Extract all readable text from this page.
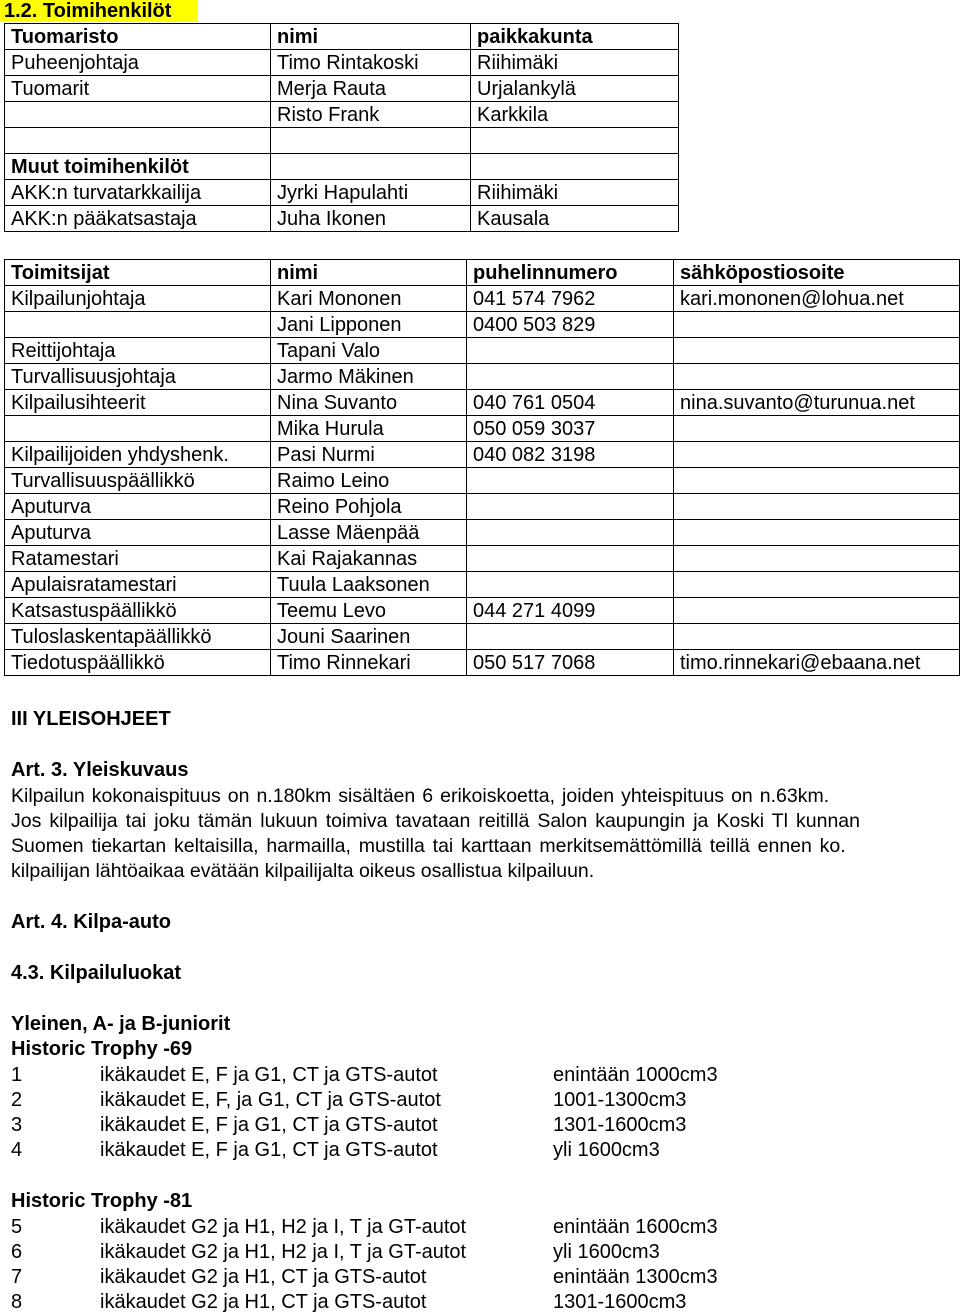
1.2. Toimihenkilöt
Tuomaristo	nimi	paikkakunta
Puheenjohtaja	Timo Rintakoski	Riihimäki
Tuomarit	Merja Rauta	Urjalankylä
	Risto Frank	Karkkila

Muut toimihenkilöt		
AKK:n turvatarkkailija	Jyrki Hapulahti	Riihimäki
AKK:n pääkatsastaja	Juha Ikonen	Kausala
Toimitsijat	nimi	puhelinnumero	sähköpostiosoite
Kilpailunjohtaja	Kari Mononen	041 574 7962	kari.mononen@lohua.net
	Jani Lipponen	0400 503 829	
Reittijohtaja	Tapani Valo		
Turvallisuusjohtaja	Jarmo Mäkinen		
Kilpailusihteerit	Nina Suvanto	040 761 0504	nina.suvanto@turunua.net
	Mika Hurula	050 059 3037	
Kilpailijoiden yhdyshenk.	Pasi Nurmi	040 082 3198	
Turvallisuuspäällikkö	Raimo Leino		
Aputurva	Reino Pohjola		
Aputurva	Lasse Mäenpää		
Ratamestari	Kai Rajakannas		
Apulaisratamestari	Tuula Laaksonen		
Katsastuspäällikkö	Teemu Levo	044 271 4099	
Tuloslaskentapäällikkö	Jouni Saarinen		
Tiedotuspäällikkö	Timo Rinnekari	050 517 7068	timo.rinnekari@ebaana.net
III YLEISOHJEET
Art. 3. Yleiskuvaus
Kilpailun kokonaispituus on n.180km sisältäen 6 erikoiskoetta, joiden yhteispituus on n.63km.
Jos kilpailija tai joku tämän lukuun toimiva tavataan reitillä Salon kaupungin ja Koski Tl kunnan
Suomen tiekartan keltaisilla, harmailla, mustilla tai karttaan merkitsemättömillä teillä ennen ko.
kilpailijan lähtöaikaa evätään kilpailijalta oikeus osallistua kilpailuun.
Art. 4. Kilpa-auto
4.3. Kilpailuluokat
Yleinen, A- ja B-juniorit
Historic Trophy -69
1	ikäkaudet E, F ja G1, CT ja GTS-autot	enintään 1000cm3
2	ikäkaudet E, F, ja G1, CT ja GTS-autot	1001-1300cm3
3	ikäkaudet E, F ja G1, CT ja GTS-autot	1301-1600cm3
4	ikäkaudet E, F ja G1, CT ja GTS-autot	yli 1600cm3
Historic Trophy -81
5	ikäkaudet G2 ja H1, H2 ja I, T ja GT-autot	enintään 1600cm3
6	ikäkaudet G2 ja H1, H2 ja I, T ja GT-autot	yli 1600cm3
7	ikäkaudet G2 ja H1, CT ja GTS-autot	enintään 1300cm3
8	ikäkaudet G2 ja H1, CT ja GTS-autot	1301-1600cm3
